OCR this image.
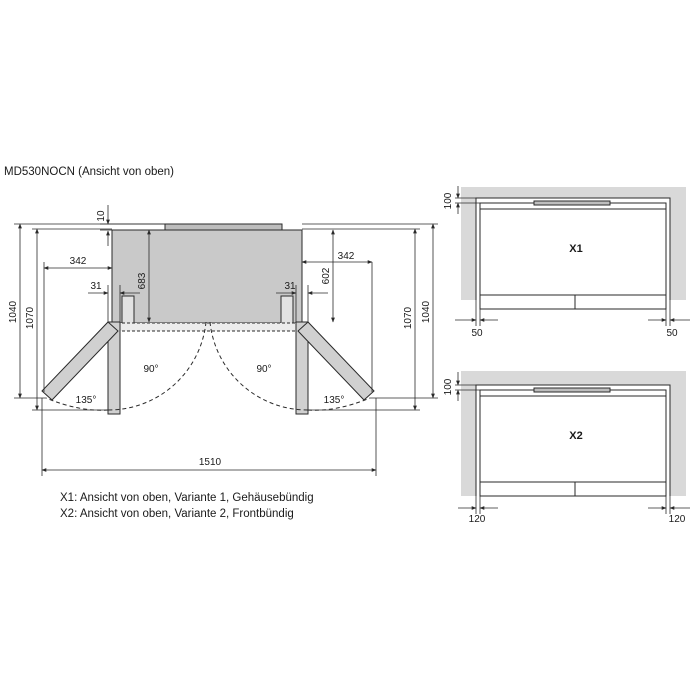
MD530NOCN (Ansicht von oben)
10
1040 1070	1070 1040
342	342
683	602
31	31
1510
90°	90°
135°	135°
X1
100
50	50
X2
100
120	120
X1: Ansicht von oben, Variante 1, Gehäusebündig
X2: Ansicht von oben, Variante 2, Frontbündig
